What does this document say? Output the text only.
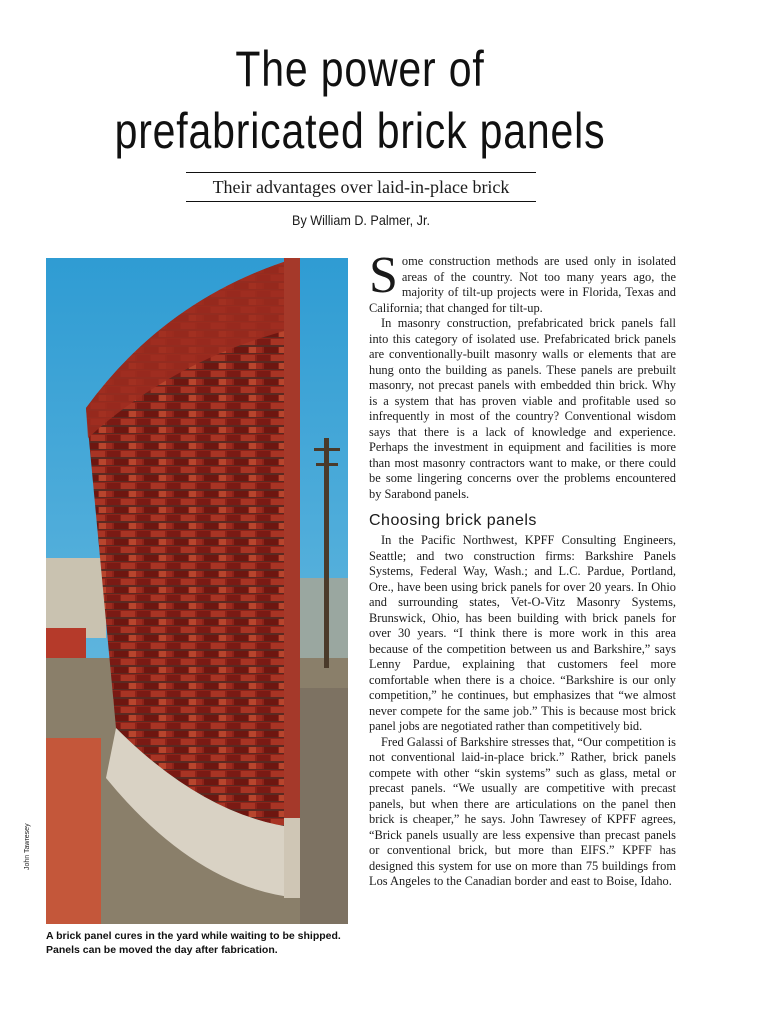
The power of
prefabricated brick panels
Their advantages over laid-in-place brick
By William D. Palmer, Jr.
John Tawresey
A brick panel cures in the yard while waiting to be shipped. Panels can be moved the day after fabrication.

Some construction methods are used only in isolated areas of the country. Not too many years ago, the majority of tilt-up projects were in Florida, Texas and California; that changed for tilt-up.

In masonry construction, prefabricated brick panels fall into this category of isolated use. Prefabricated brick panels are conventionally-built masonry walls or elements that are hung onto the building as panels. These panels are prebuilt masonry, not precast panels with embedded thin brick. Why is a system that has proven viable and profitable used so infrequently in most of the country? Conventional wisdom says that there is a lack of knowledge and experience. Perhaps the investment in equipment and facilities is more than most masonry contractors want to make, or there could be some lingering concerns over the problems encountered by Sarabond panels.

Choosing brick panels

In the Pacific Northwest, KPFF Consulting Engineers, Seattle; and two construction firms: Barkshire Panels Systems, Federal Way, Wash.; and L.C. Pardue, Portland, Ore., have been using brick panels for over 20 years. In Ohio and surrounding states, Vet-O-Vitz Masonry Systems, Brunswick, Ohio, has been building with brick panels for over 30 years. “I think there is more work in this area because of the competition between us and Barkshire,” says Lenny Pardue, explaining that customers feel more comfortable when there is a choice. “Barkshire is our only competition,” he continues, but emphasizes that “we almost never compete for the same job.” This is because most brick panel jobs are negotiated rather than competitively bid.

Fred Galassi of Barkshire stresses that, “Our competition is not conventional laid-in-place brick.” Rather, brick panels compete with other “skin systems” such as glass, metal or precast panels. “We usually are competitive with precast panels, but when there are articulations on the panel then brick is cheaper,” he says. John Tawresey of KPFF agrees, “Brick panels usually are less expensive than precast panels or conventional brick, but more than EIFS.” KPFF has designed this system for use on more than 75 buildings from Los Angeles to the Canadian border and east to Boise, Idaho.
